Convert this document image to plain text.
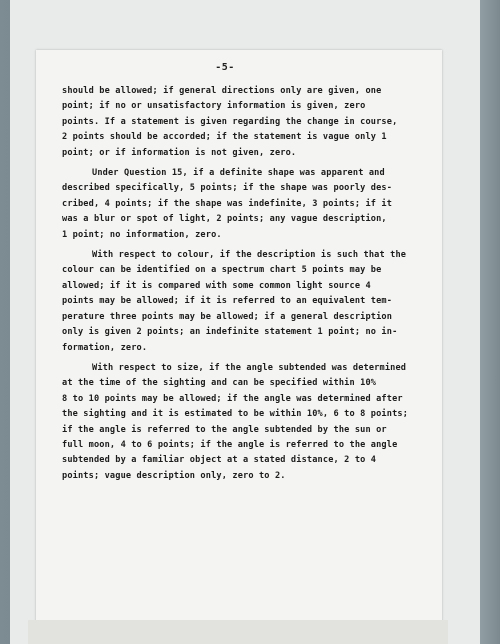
-5-
should be allowed; if general directions only are given, one
point; if no or unsatisfactory information is given, zero
points. If a statement is given regarding the change in course,
2 points should be accorded; if the statement is vague only 1
point; or if information is not given, zero.
Under Question 15, if a definite shape was apparent and
described specifically, 5 points; if the shape was poorly des-
cribed, 4 points; if the shape was indefinite, 3 points; if it
was a blur or spot of light, 2 points; any vague description,
1 point; no information, zero.
With respect to colour, if the description is such that the
colour can be identified on a spectrum chart 5 points may be
allowed; if it is compared with some common light source 4
points may be allowed; if it is referred to an equivalent tem-
perature three points may be allowed; if a general description
only is given 2 points; an indefinite statement 1 point; no in-
formation, zero.
With respect to size, if the angle subtended was determined
at the time of the sighting and can be specified within 10%
8 to 10 points may be allowed; if the angle was determined after
the sighting and it is estimated to be within 10%, 6 to 8 points;
if the angle is referred to the angle subtended by the sun or
full moon, 4 to 6 points; if the angle is referred to the angle
subtended by a familiar object at a stated distance, 2 to 4
points; vague description only, zero to 2.
